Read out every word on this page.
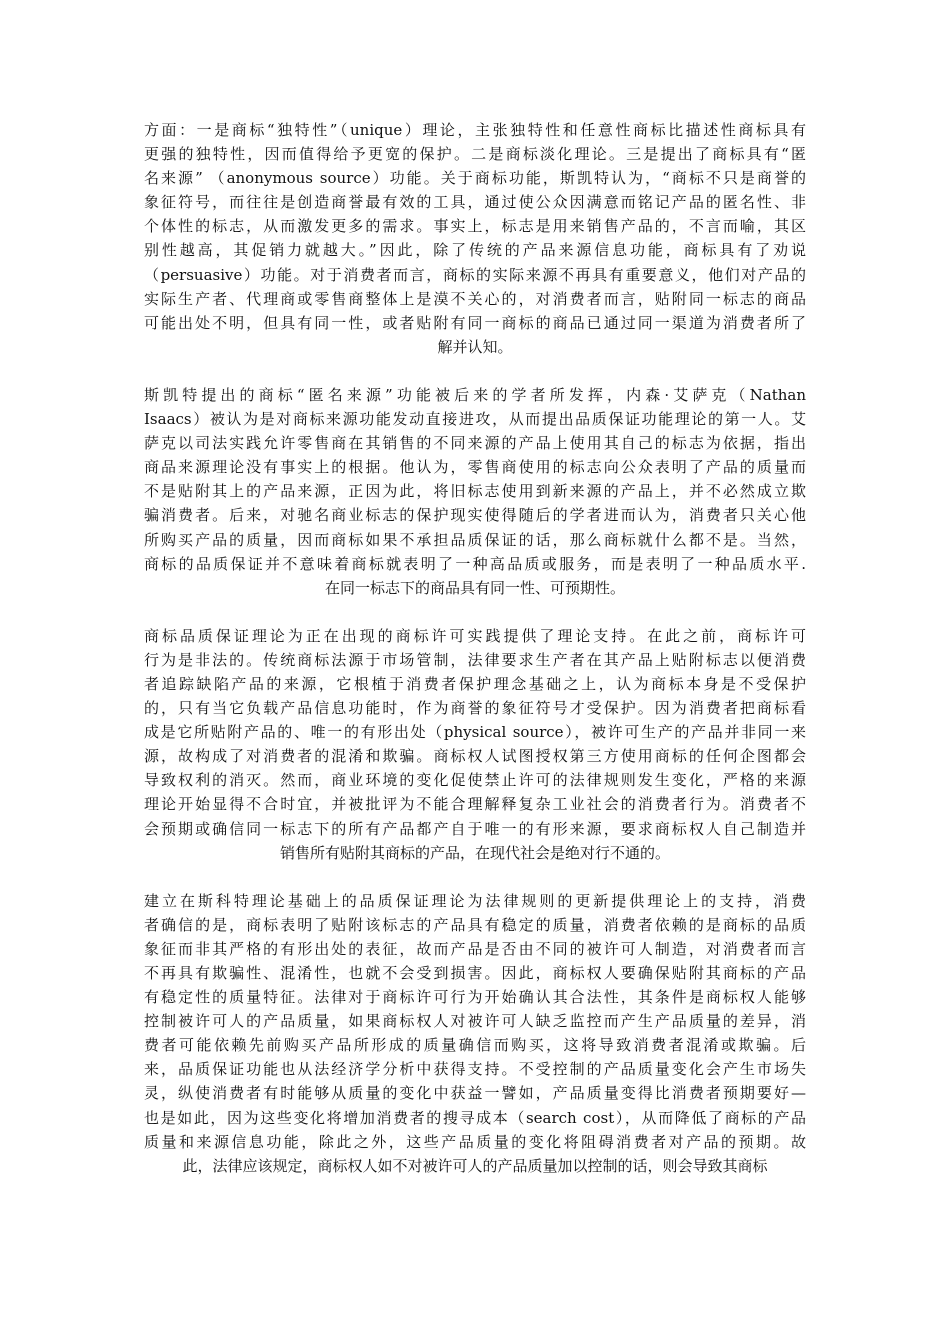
方面：一是商标“独特性”（unique）理论，主张独特性和任意性商标比描述性商标具有
更强的独特性，因而值得给予更宽的保护。二是商标淡化理论。三是提出了商标具有“匿
名来源” （anonymous source）功能。关于商标功能，斯凯特认为，“商标不只是商誉的
象征符号，而往往是创造商誉最有效的工具，通过使公众因满意而铭记产品的匿名性、非
个体性的标志，从而激发更多的需求。事实上，标志是用来销售产品的，不言而喻，其区
别性越高，其促销力就越大。”因此，除了传统的产品来源信息功能，商标具有了劝说
（persuasive）功能。对于消费者而言，商标的实际来源不再具有重要意义，他们对产品的
实际生产者、代理商或零售商整体上是漠不关心的，对消费者而言，贴附同一标志的商品
可能出处不明，但具有同一性，或者贴附有同一商标的商品已通过同一渠道为消费者所了
解并认知。
斯凯特提出的商标“匿名来源”功能被后来的学者所发挥，内森·艾萨克（Nathan
Isaacs）被认为是对商标来源功能发动直接进攻，从而提出品质保证功能理论的第一人。艾
萨克以司法实践允许零售商在其销售的不同来源的产品上使用其自己的标志为依据，指出
商品来源理论没有事实上的根据。他认为，零售商使用的标志向公众表明了产品的质量而
不是贴附其上的产品来源，正因为此，将旧标志使用到新来源的产品上，并不必然成立欺
骗消费者。后来，对驰名商业标志的保护现实使得随后的学者进而认为，消费者只关心他
所购买产品的质量，因而商标如果不承担品质保证的话，那么商标就什么都不是。当然，
商标的品质保证并不意味着商标就表明了一种高品质或服务，而是表明了一种品质水平.
在同一标志下的商品具有同一性、可预期性。
商标品质保证理论为正在出现的商标许可实践提供了理论支持。在此之前，商标许可
行为是非法的。传统商标法源于市场管制，法律要求生产者在其产品上贴附标志以便消费
者追踪缺陷产品的来源，它根植于消费者保护理念基础之上，认为商标本身是不受保护
的，只有当它负载产品信息功能时，作为商誉的象征符号才受保护。因为消费者把商标看
成是它所贴附产品的、唯一的有形出处（physical source），被许可生产的产品并非同一来
源，故构成了对消费者的混淆和欺骗。商标权人试图授权第三方使用商标的任何企图都会
导致权利的消灭。然而，商业环境的变化促使禁止许可的法律规则发生变化，严格的来源
理论开始显得不合时宜，并被批评为不能合理解释复杂工业社会的消费者行为。消费者不
会预期或确信同一标志下的所有产品都产自于唯一的有形来源，要求商标权人自己制造并
销售所有贴附其商标的产品，在现代社会是绝对行不通的。
建立在斯科特理论基础上的品质保证理论为法律规则的更新提供理论上的支持，消费
者确信的是，商标表明了贴附该标志的产品具有稳定的质量，消费者依赖的是商标的品质
象征而非其严格的有形出处的表征，故而产品是否由不同的被许可人制造，对消费者而言
不再具有欺骗性、混淆性，也就不会受到损害。因此，商标权人要确保贴附其商标的产品
有稳定性的质量特征。法律对于商标许可行为开始确认其合法性，其条件是商标权人能够
控制被许可人的产品质量，如果商标权人对被许可人缺乏监控而产生产品质量的差异，消
费者可能依赖先前购买产品所形成的质量确信而购买，这将导致消费者混淆或欺骗。后
来，品质保证功能也从法经济学分析中获得支持。不受控制的产品质量变化会产生市场失
灵，纵使消费者有时能够从质量的变化中获益一譬如，产品质量变得比消费者预期要好—
也是如此，因为这些变化将增加消费者的搜寻成本（search cost），从而降低了商标的产品
质量和来源信息功能，除此之外，这些产品质量的变化将阻碍消费者对产品的预期。故
此，法律应该规定，商标权人如不对被许可人的产品质量加以控制的话，则会导致其商标
